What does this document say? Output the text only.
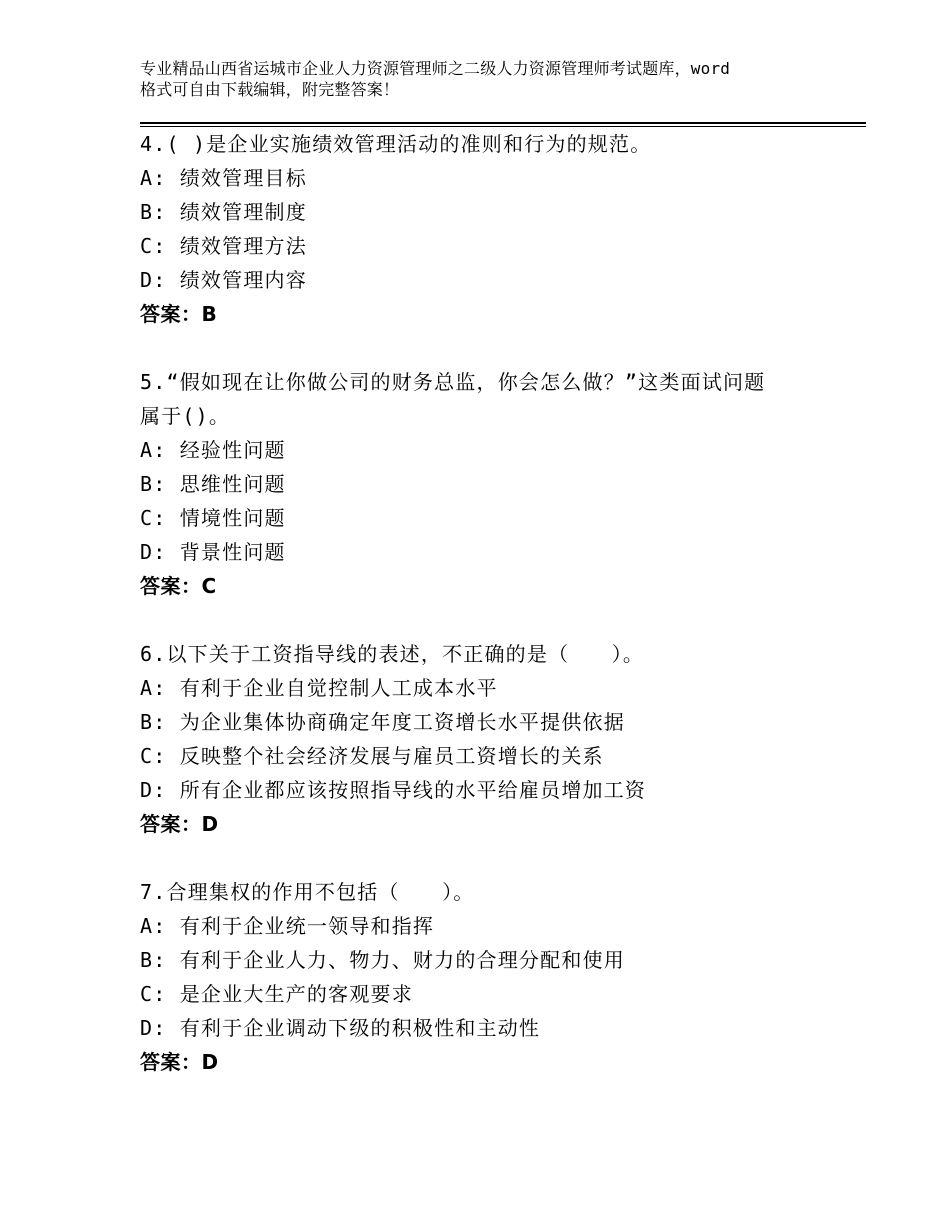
专业精品山西省运城市企业人力资源管理师之二级人力资源管理师考试题库，word
格式可自由下载编辑，附完整答案！
4.( )是企业实施绩效管理活动的准则和行为的规范。
A: 绩效管理目标
B: 绩效管理制度
C: 绩效管理方法
D: 绩效管理内容
答案：B
5.“假如现在让你做公司的财务总监，你会怎么做？”这类面试问题
属于()。
A: 经验性问题
B: 思维性问题
C: 情境性问题
D: 背景性问题
答案：C
6.以下关于工资指导线的表述，不正确的是（　　）。
A: 有利于企业自觉控制人工成本水平
B: 为企业集体协商确定年度工资增长水平提供依据
C: 反映整个社会经济发展与雇员工资增长的关系
D: 所有企业都应该按照指导线的水平给雇员增加工资
答案：D
7.合理集权的作用不包括（　　）。
A: 有利于企业统一领导和指挥
B: 有利于企业人力、物力、财力的合理分配和使用
C: 是企业大生产的客观要求
D: 有利于企业调动下级的积极性和主动性
答案：D
